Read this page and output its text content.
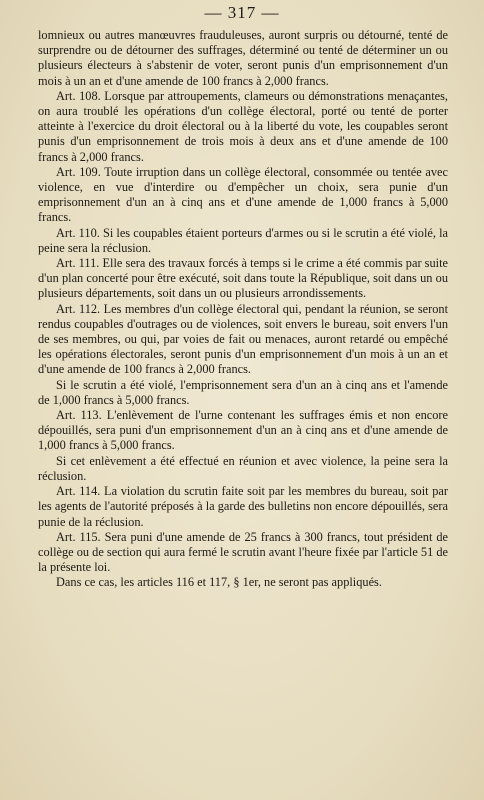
— 317 —

lomnieux ou autres manœuvres frauduleuses, auront surpris ou détourné, tenté de surprendre ou de détourner des suffrages, déterminé ou tenté de déterminer un ou plusieurs électeurs à s'abstenir de voter, seront punis d'un emprisonnement d'un mois à un an et d'une amende de 100 francs à 2,000 francs.

Art. 108. Lorsque par attroupements, clameurs ou démonstrations menaçantes, on aura troublé les opérations d'un collège électoral, porté ou tenté de porter atteinte à l'exercice du droit électoral ou à la liberté du vote, les coupables seront punis d'un emprisonnement de trois mois à deux ans et d'une amende de 100 francs à 2,000 francs.

Art. 109. Toute irruption dans un collège électoral, consommée ou tentée avec violence, en vue d'interdire ou d'empêcher un choix, sera punie d'un emprisonnement d'un an à cinq ans et d'une amende de 1,000 francs à 5,000 francs.

Art. 110. Si les coupables étaient porteurs d'armes ou si le scrutin a été violé, la peine sera la réclusion.

Art. 111. Elle sera des travaux forcés à temps si le crime a été commis par suite d'un plan concerté pour être exécuté, soit dans toute la République, soit dans un ou plusieurs départements, soit dans un ou plusieurs arrondissements.

Art. 112. Les membres d'un collège électoral qui, pendant la réunion, se seront rendus coupables d'outrages ou de violences, soit envers le bureau, soit envers l'un de ses membres, ou qui, par voies de fait ou menaces, auront retardé ou empêché les opérations électorales, seront punis d'un emprisonnement d'un mois à un an et d'une amende de 100 francs à 2,000 francs.

Si le scrutin a été violé, l'emprisonnement sera d'un an à cinq ans et l'amende de 1,000 francs à 5,000 francs.

Art. 113. L'enlèvement de l'urne contenant les suffrages émis et non encore dépouillés, sera puni d'un emprisonnement d'un an à cinq ans et d'une amende de 1,000 francs à 5,000 francs.

Si cet enlèvement a été effectué en réunion et avec violence, la peine sera la réclusion.

Art. 114. La violation du scrutin faite soit par les membres du bureau, soit par les agents de l'autorité préposés à la garde des bulletins non encore dépouillés, sera punie de la réclusion.

Art. 115. Sera puni d'une amende de 25 francs à 300 francs, tout président de collège ou de section qui aura fermé le scrutin avant l'heure fixée par l'article 51 de la présente loi.

Dans ce cas, les articles 116 et 117, § 1er, ne seront pas appliqués.
